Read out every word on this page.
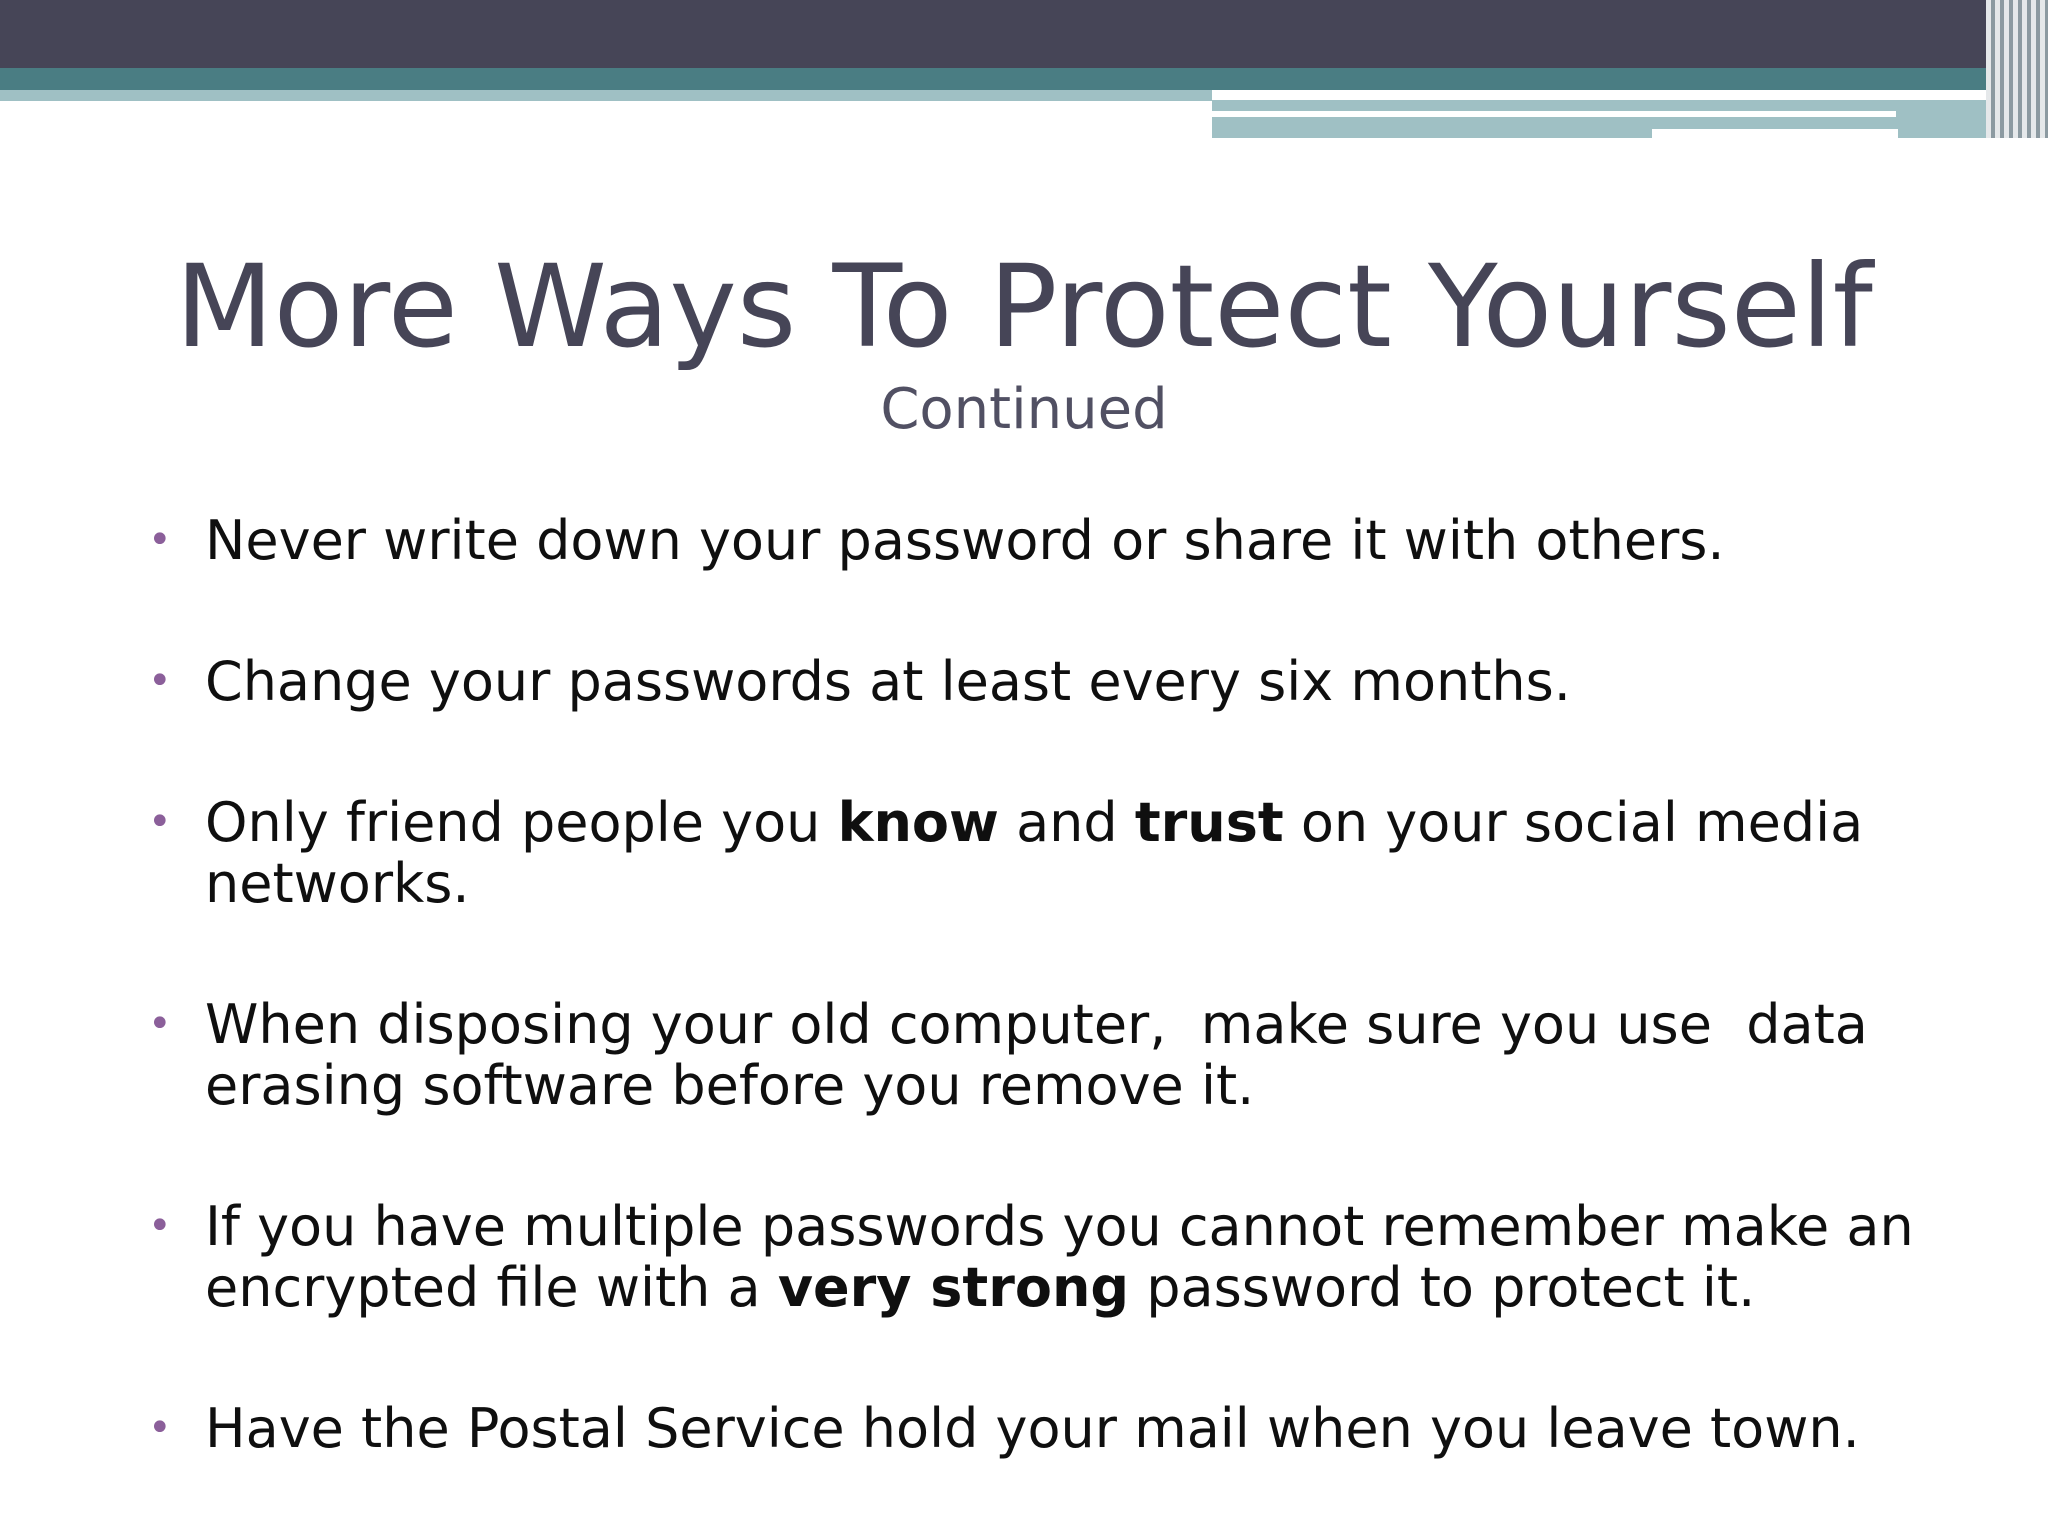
More Ways To Protect Yourself
Continued
• Never write down your password or share it with others.
• Change your passwords at least every six months.
• Only friend people you know and trust on your social media networks.
• When disposing your old computer,  make sure you use  data erasing software before you remove it.
• If you have multiple passwords you cannot remember make an encrypted file with a very strong password to protect it.
• Have the Postal Service hold your mail when you leave town.
